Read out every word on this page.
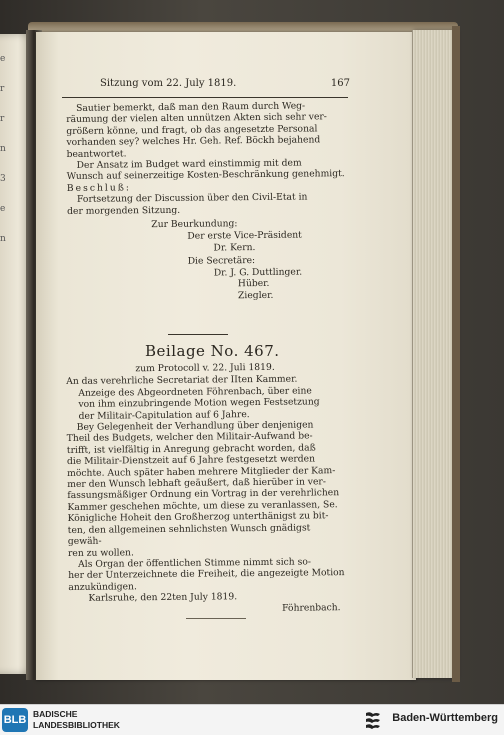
e
r
r
n
3
e
n
Sitzung vom 22. July 1819.	167

Sautier bemerkt, daß man den Raum durch Weg-

räumung der vielen alten unnützen Akten sich sehr ver-

größern könne, und fragt, ob das angesetzte Personal

vorhanden sey? welches Hr. Geh. Ref. Böckh bejahend

beantwortet.

Der Ansatz im Budget ward einstimmig mit dem

Wunsch auf seinerzeitige Kosten-Beschränkung genehmigt.

Beschluß:

Fortsetzung der Discussion über den Civil-Etat in

der morgenden Sitzung.

Zur Beurkundung:

Der erste Vice-Präsident

Dr. Kern.

Die Secretäre:

Dr. J. G. Duttlinger.

Hüber.

Ziegler.

Beilage No. 467.

zum Protocoll v. 22. Juli 1819.

An das verehrliche Secretariat der IIten Kammer.

Anzeige des Abgeordneten Föhrenbach, über eine

von ihm einzubringende Motion wegen Festsetzung

der Militair-Capitulation auf 6 Jahre.

Bey Gelegenheit der Verhandlung über denjenigen

Theil des Budgets, welcher den Militair-Aufwand be-

trifft, ist vielfältig in Anregung gebracht worden, daß

die Militair-Dienstzeit auf 6 Jahre festgesetzt werden

möchte. Auch später haben mehrere Mitglieder der Kam-

mer den Wunsch lebhaft geäußert, daß hierüber in ver-

fassungsmäßiger Ordnung ein Vortrag in der verehrlichen

Kammer geschehen möchte, um diese zu veranlassen, Se.

Königliche Hoheit den Großherzog unterthänigst zu bit-

ten, den allgemeinen sehnlichsten Wunsch gnädigst gewäh-

ren zu wollen.

Als Organ der öffentlichen Stimme nimmt sich so-

her der Unterzeichnete die Freiheit, die angezeigte Motion

anzukündigen.

Karlsruhe, den 22ten July 1819.

Föhrenbach.

BLB BADISCHE
LANDESBIBLIOTHEK
Baden-Württemberg
